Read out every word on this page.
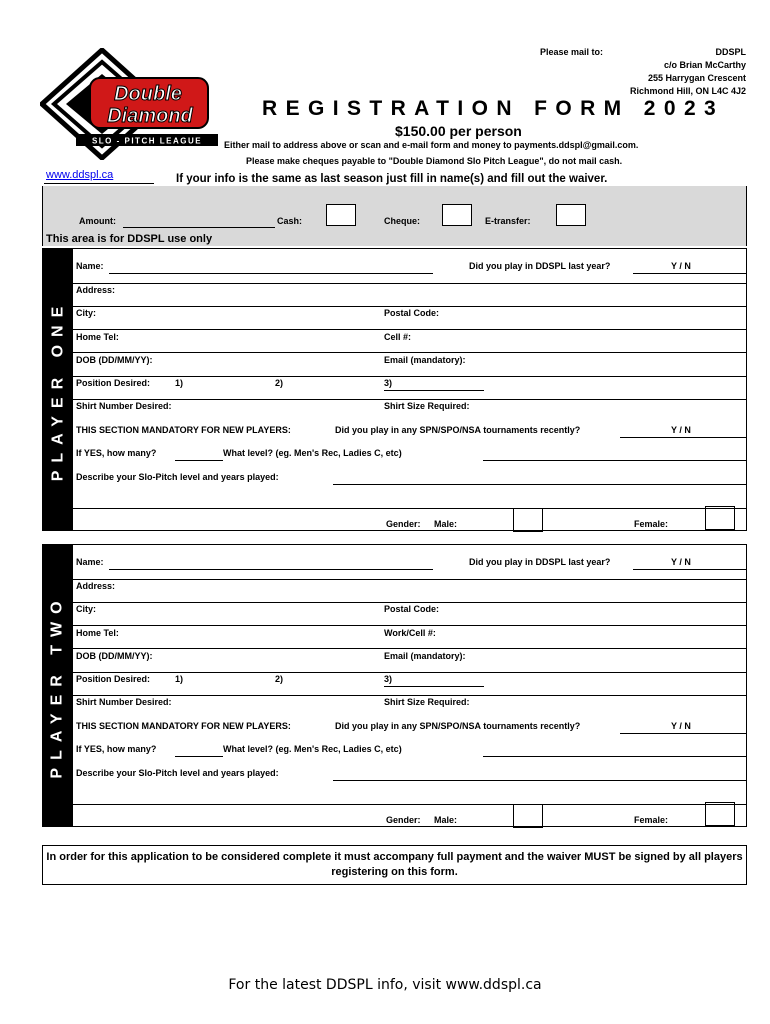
Please mail to:	DDSPL
c/o Brian McCarthy
255 Harrygan Crescent
Richmond Hill, ON L4C 4J2
Double
Diamond
SLO - PITCH LEAGUE
REGISTRATION FORM 2023
$150.00 per person
Either mail to address above or scan and e-mail form and money to payments.ddspl@gmail.com.
Please make cheques payable to "Double Diamond Slo Pitch League", do not mail cash.
www.ddspl.ca	If your info is the same as last season just fill in name(s) and fill out the waiver.
Amount:	Cash:	Cheque:	E-transfer:
This area is for DDSPL use only
PLAYER ONE
Name:	Did you play in DDSPL last year?	Y / N
Address:
City:	Postal Code:
Home Tel:	Cell #:
DOB (DD/MM/YY):	Email (mandatory):
Position Desired:	1)	2)	3)
Shirt Number Desired:	Shirt Size Required:
THIS SECTION MANDATORY FOR NEW PLAYERS:	Did you play in any SPN/SPO/NSA tournaments recently?	Y / N
If YES, how many?	What level? (eg. Men's Rec, Ladies C, etc)
Describe your Slo-Pitch level and years played:
Gender: Male:	Female:
PLAYER TWO
Name:	Did you play in DDSPL last year?	Y / N
Address:
City:	Postal Code:
Home Tel:	Work/Cell #:
DOB (DD/MM/YY):	Email (mandatory):
Position Desired:	1)	2)	3)
Shirt Number Desired:	Shirt Size Required:
THIS SECTION MANDATORY FOR NEW PLAYERS:	Did you play in any SPN/SPO/NSA tournaments recently?	Y / N
If YES, how many?	What level? (eg. Men's Rec, Ladies C, etc)
Describe your Slo-Pitch level and years played:
Gender: Male:	Female:
In order for this application to be considered complete it must accompany full payment and the waiver MUST be signed by all players registering on this form.
For the latest DDSPL info, visit www.ddspl.ca
